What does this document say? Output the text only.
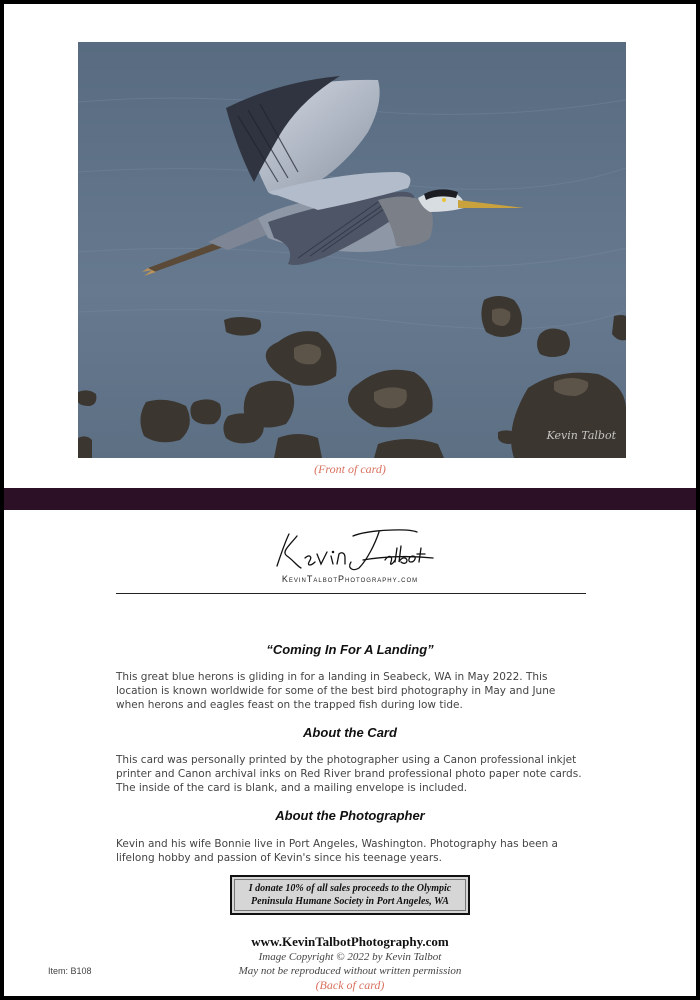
Kevin Talbot
(Front of card)
KevinTalbotPhotography.com
“Coming In For A Landing”
This great blue herons is gliding in for a landing in Seabeck, WA in May 2022. This location is known worldwide for some of the best bird photography in May and June when herons and eagles feast on the trapped fish during low tide.
About the Card
This card was personally printed by the photographer using a Canon professional inkjet printer and Canon archival inks on Red River brand professional photo paper note cards. The inside of the card is blank, and a mailing envelope is included.
About the Photographer
Kevin and his wife Bonnie live in Port Angeles, Washington. Photography has been a lifelong hobby and passion of Kevin's since his teenage years.
I donate 10% of all sales proceeds to the Olympic Peninsula Humane Society in Port Angeles, WA
www.KevinTalbotPhotography.com
Image Copyright © 2022 by Kevin Talbot
May not be reproduced without written permission
(Back of card)
Item: B108
